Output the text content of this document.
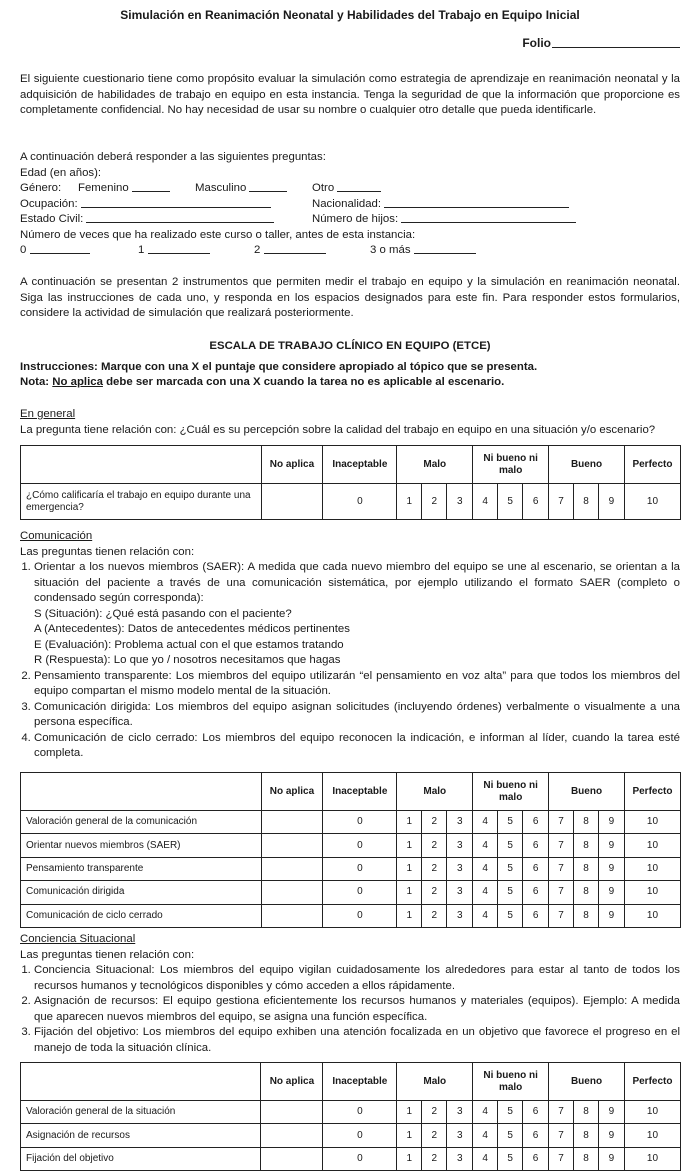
Simulación en Reanimación Neonatal y Habilidades del Trabajo en Equipo Inicial
Folio
El siguiente cuestionario tiene como propósito evaluar la simulación como estrategia de aprendizaje en reanimación neonatal y la adquisición de habilidades de trabajo en equipo en esta instancia. Tenga la seguridad de que la información que proporcione es completamente confidencial. No hay necesidad de usar su nombre o cualquier otro detalle que pueda identificarle.
A continuación deberá responder a las siguientes preguntas:
Edad (en años):
Género: Femenino	Masculino	Otro
Ocupación:	Nacionalidad:
Estado Civil:	Número de hijos:
Número de veces que ha realizado este curso o taller, antes de esta instancia:
0	1	2	3 o más
A continuación se presentan 2 instrumentos que permiten medir el trabajo en equipo y la simulación en reanimación neonatal. Siga las instrucciones de cada uno, y responda en los espacios designados para este fin. Para responder estos formularios, considere la actividad de simulación que realizará posteriormente.
ESCALA DE TRABAJO CLÍNICO EN EQUIPO (ETCE)
Instrucciones: Marque con una X el puntaje que considere apropiado al tópico que se presenta.
Nota: No aplica debe ser marcada con una X cuando la tarea no es aplicable al escenario.
En general
La pregunta tiene relación con: ¿Cuál es su percepción sobre la calidad del trabajo en equipo en una situación y/o escenario?
	No aplica	Inaceptable	Malo			Ni bueno ni malo			Bueno			Perfecto
¿Cómo calificaría el trabajo en equipo durante una emergencia?		0	1	2	3	4	5	6	7	8	9	10
Comunicación
Las preguntas tienen relación con:
1. Orientar a los nuevos miembros (SAER): A medida que cada nuevo miembro del equipo se une al escenario, se orientan a la situación del paciente a través de una comunicación sistemática, por ejemplo utilizando el formato SAER (completo o condensado según corresponda):
S (Situación): ¿Qué está pasando con el paciente?
A (Antecedentes): Datos de antecedentes médicos pertinentes
E (Evaluación): Problema actual con el que estamos tratando
R (Respuesta): Lo que yo / nosotros necesitamos que hagas
2. Pensamiento transparente: Los miembros del equipo utilizarán “el pensamiento en voz alta” para que todos los miembros del equipo compartan el mismo modelo mental de la situación.
3. Comunicación dirigida: Los miembros del equipo asignan solicitudes (incluyendo órdenes) verbalmente o visualmente a una persona específica.
4. Comunicación de ciclo cerrado: Los miembros del equipo reconocen la indicación, e informan al líder, cuando la tarea esté completa.
	No aplica	Inaceptable	Malo			Ni bueno ni malo			Bueno			Perfecto
Valoración general de la comunicación		0	1	2	3	4	5	6	7	8	9	10
Orientar nuevos miembros (SAER)		0	1	2	3	4	5	6	7	8	9	10
Pensamiento transparente		0	1	2	3	4	5	6	7	8	9	10
Comunicación dirigida		0	1	2	3	4	5	6	7	8	9	10
Comunicación de ciclo cerrado		0	1	2	3	4	5	6	7	8	9	10
Conciencia Situacional
Las preguntas tienen relación con:
1. Conciencia Situacional: Los miembros del equipo vigilan cuidadosamente los alrededores para estar al tanto de todos los recursos humanos y tecnológicos disponibles y cómo acceden a ellos rápidamente.
2. Asignación de recursos: El equipo gestiona eficientemente los recursos humanos y materiales (equipos). Ejemplo: A medida que aparecen nuevos miembros del equipo, se asigna una función específica.
3. Fijación del objetivo: Los miembros del equipo exhiben una atención focalizada en un objetivo que favorece el progreso en el manejo de toda la situación clínica.
	No aplica	Inaceptable	Malo			Ni bueno ni malo			Bueno			Perfecto
Valoración general de la situación		0	1	2	3	4	5	6	7	8	9	10
Asignación de recursos		0	1	2	3	4	5	6	7	8	9	10
Fijación del objetivo		0	1	2	3	4	5	6	7	8	9	10
